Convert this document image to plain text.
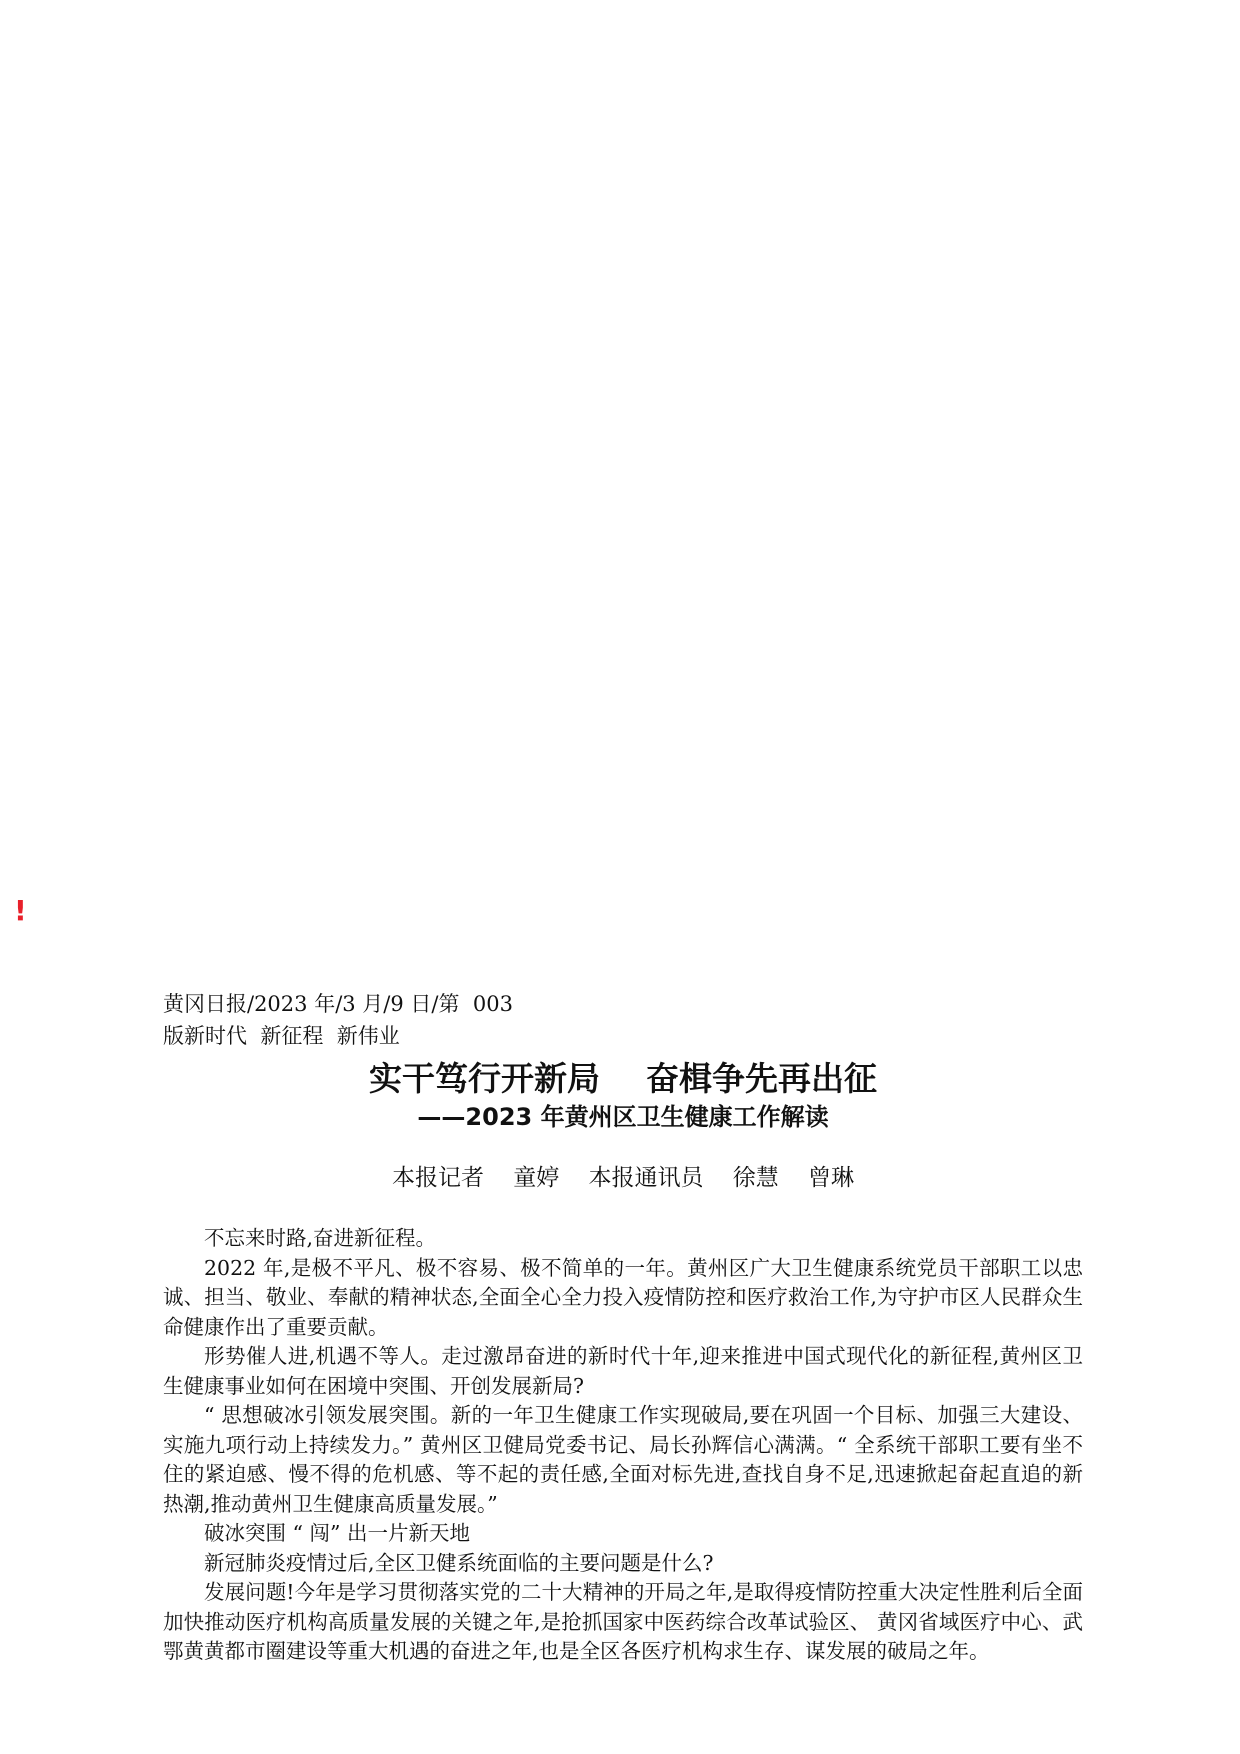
!
黄冈日报/2023 年/3 月/9 日/第  003
版新时代  新征程  新伟业
实干笃行开新局    奋楫争先再出征
——2023 年黄州区卫生健康工作解读
本报记者    童婷    本报通讯员    徐慧    曾琳

不忘来时路,奋进新征程。

2022 年,是极不平凡、极不容易、极不简单的一年。黄州区广大卫生健康系统党员干部职工以忠诚、担当、敬业、奉献的精神状态,全面全心全力投入疫情防控和医疗救治工作,为守护市区人民群众生命健康作出了重要贡献。

形势催人进,机遇不等人。走过激昂奋进的新时代十年,迎来推进中国式现代化的新征程,黄州区卫生健康事业如何在困境中突围、开创发展新局?

“ 思想破冰引领发展突围。新的一年卫生健康工作实现破局,要在巩固一个目标、加强三大建设、实施九项行动上持续发力。” 黄州区卫健局党委书记、局长孙辉信心满满。“ 全系统干部职工要有坐不住的紧迫感、慢不得的危机感、等不起的责任感,全面对标先进,查找自身不足,迅速掀起奋起直追的新热潮,推动黄州卫生健康高质量发展。”

破冰突围 “ 闯” 出一片新天地

新冠肺炎疫情过后,全区卫健系统面临的主要问题是什么?

发展问题!今年是学习贯彻落实党的二十大精神的开局之年,是取得疫情防控重大决定性胜利后全面加快推动医疗机构高质量发展的关键之年,是抢抓国家中医药综合改革试验区、 黄冈省域医疗中心、武鄂黄黄都市圈建设等重大机遇的奋进之年,也是全区各医疗机构求生存、谋发展的破局之年。
